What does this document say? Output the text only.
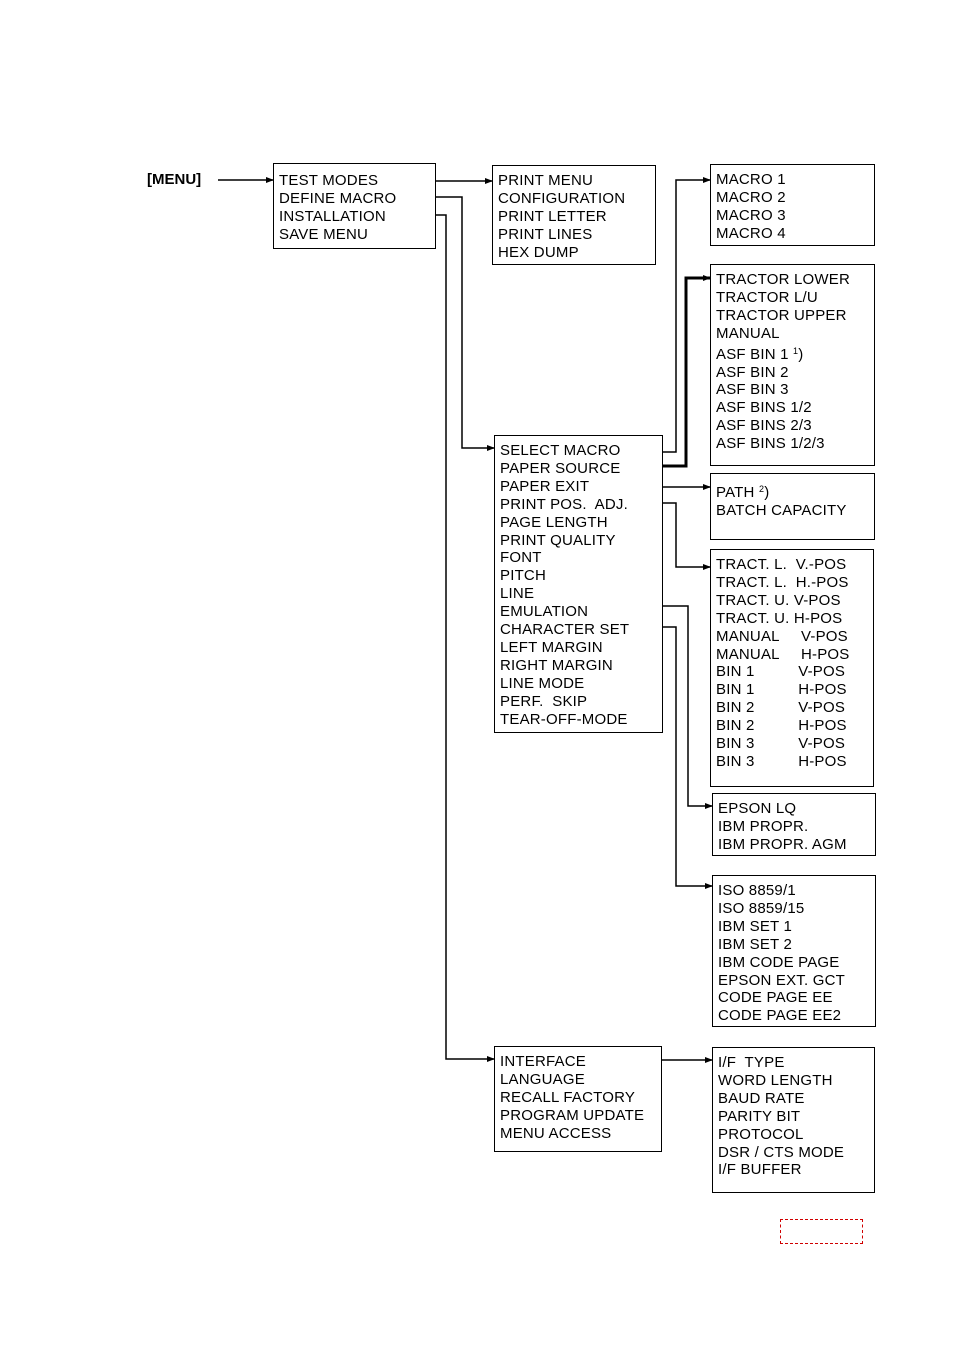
[MENU]	TEST MODES
DEFINE MACRO
INSTALLATION
SAVE MENU
PRINT MENU
CONFIGURATION
PRINT LETTER
PRINT LINES
HEX DUMP
MACRO 1
MACRO 2
MACRO 3
MACRO 4
TRACTOR LOWER
TRACTOR L/U
TRACTOR UPPER
MANUAL
ASF BIN 1 $^1$)
ASF BIN 2
ASF BIN 3
ASF BINS 1/2
ASF BINS 2/3
ASF BINS 1/2/3
SELECT MACRO
PAPER SOURCE
PAPER EXIT
PRINT POS.  ADJ.
PAGE LENGTH
PRINT QUALITY
FONT
PITCH
LINE
EMULATION
CHARACTER SET
LEFT MARGIN
RIGHT MARGIN
LINE MODE
PERF.  SKIP
TEAR-OFF-MODE
PATH $^2$)
BATCH CAPACITY
TRACT. L.  V.-POS
TRACT. L.  H.-POS
TRACT. U. V-POS
TRACT. U. H-POS
MANUAL     V-POS
MANUAL     H-POS
BIN 1          V-POS
BIN 1          H-POS
BIN 2          V-POS
BIN 2          H-POS
BIN 3          V-POS
BIN 3          H-POS
EPSON LQ
IBM PROPR.
IBM PROPR. AGM
ISO 8859/1
ISO 8859/15
IBM SET 1
IBM SET 2
IBM CODE PAGE
EPSON EXT. GCT
CODE PAGE EE
CODE PAGE EE2
INTERFACE
LANGUAGE
RECALL FACTORY
PROGRAM UPDATE
MENU ACCESS
I/F  TYPE
WORD LENGTH
BAUD RATE
PARITY BIT
PROTOCOL
DSR / CTS MODE
I/F BUFFER
